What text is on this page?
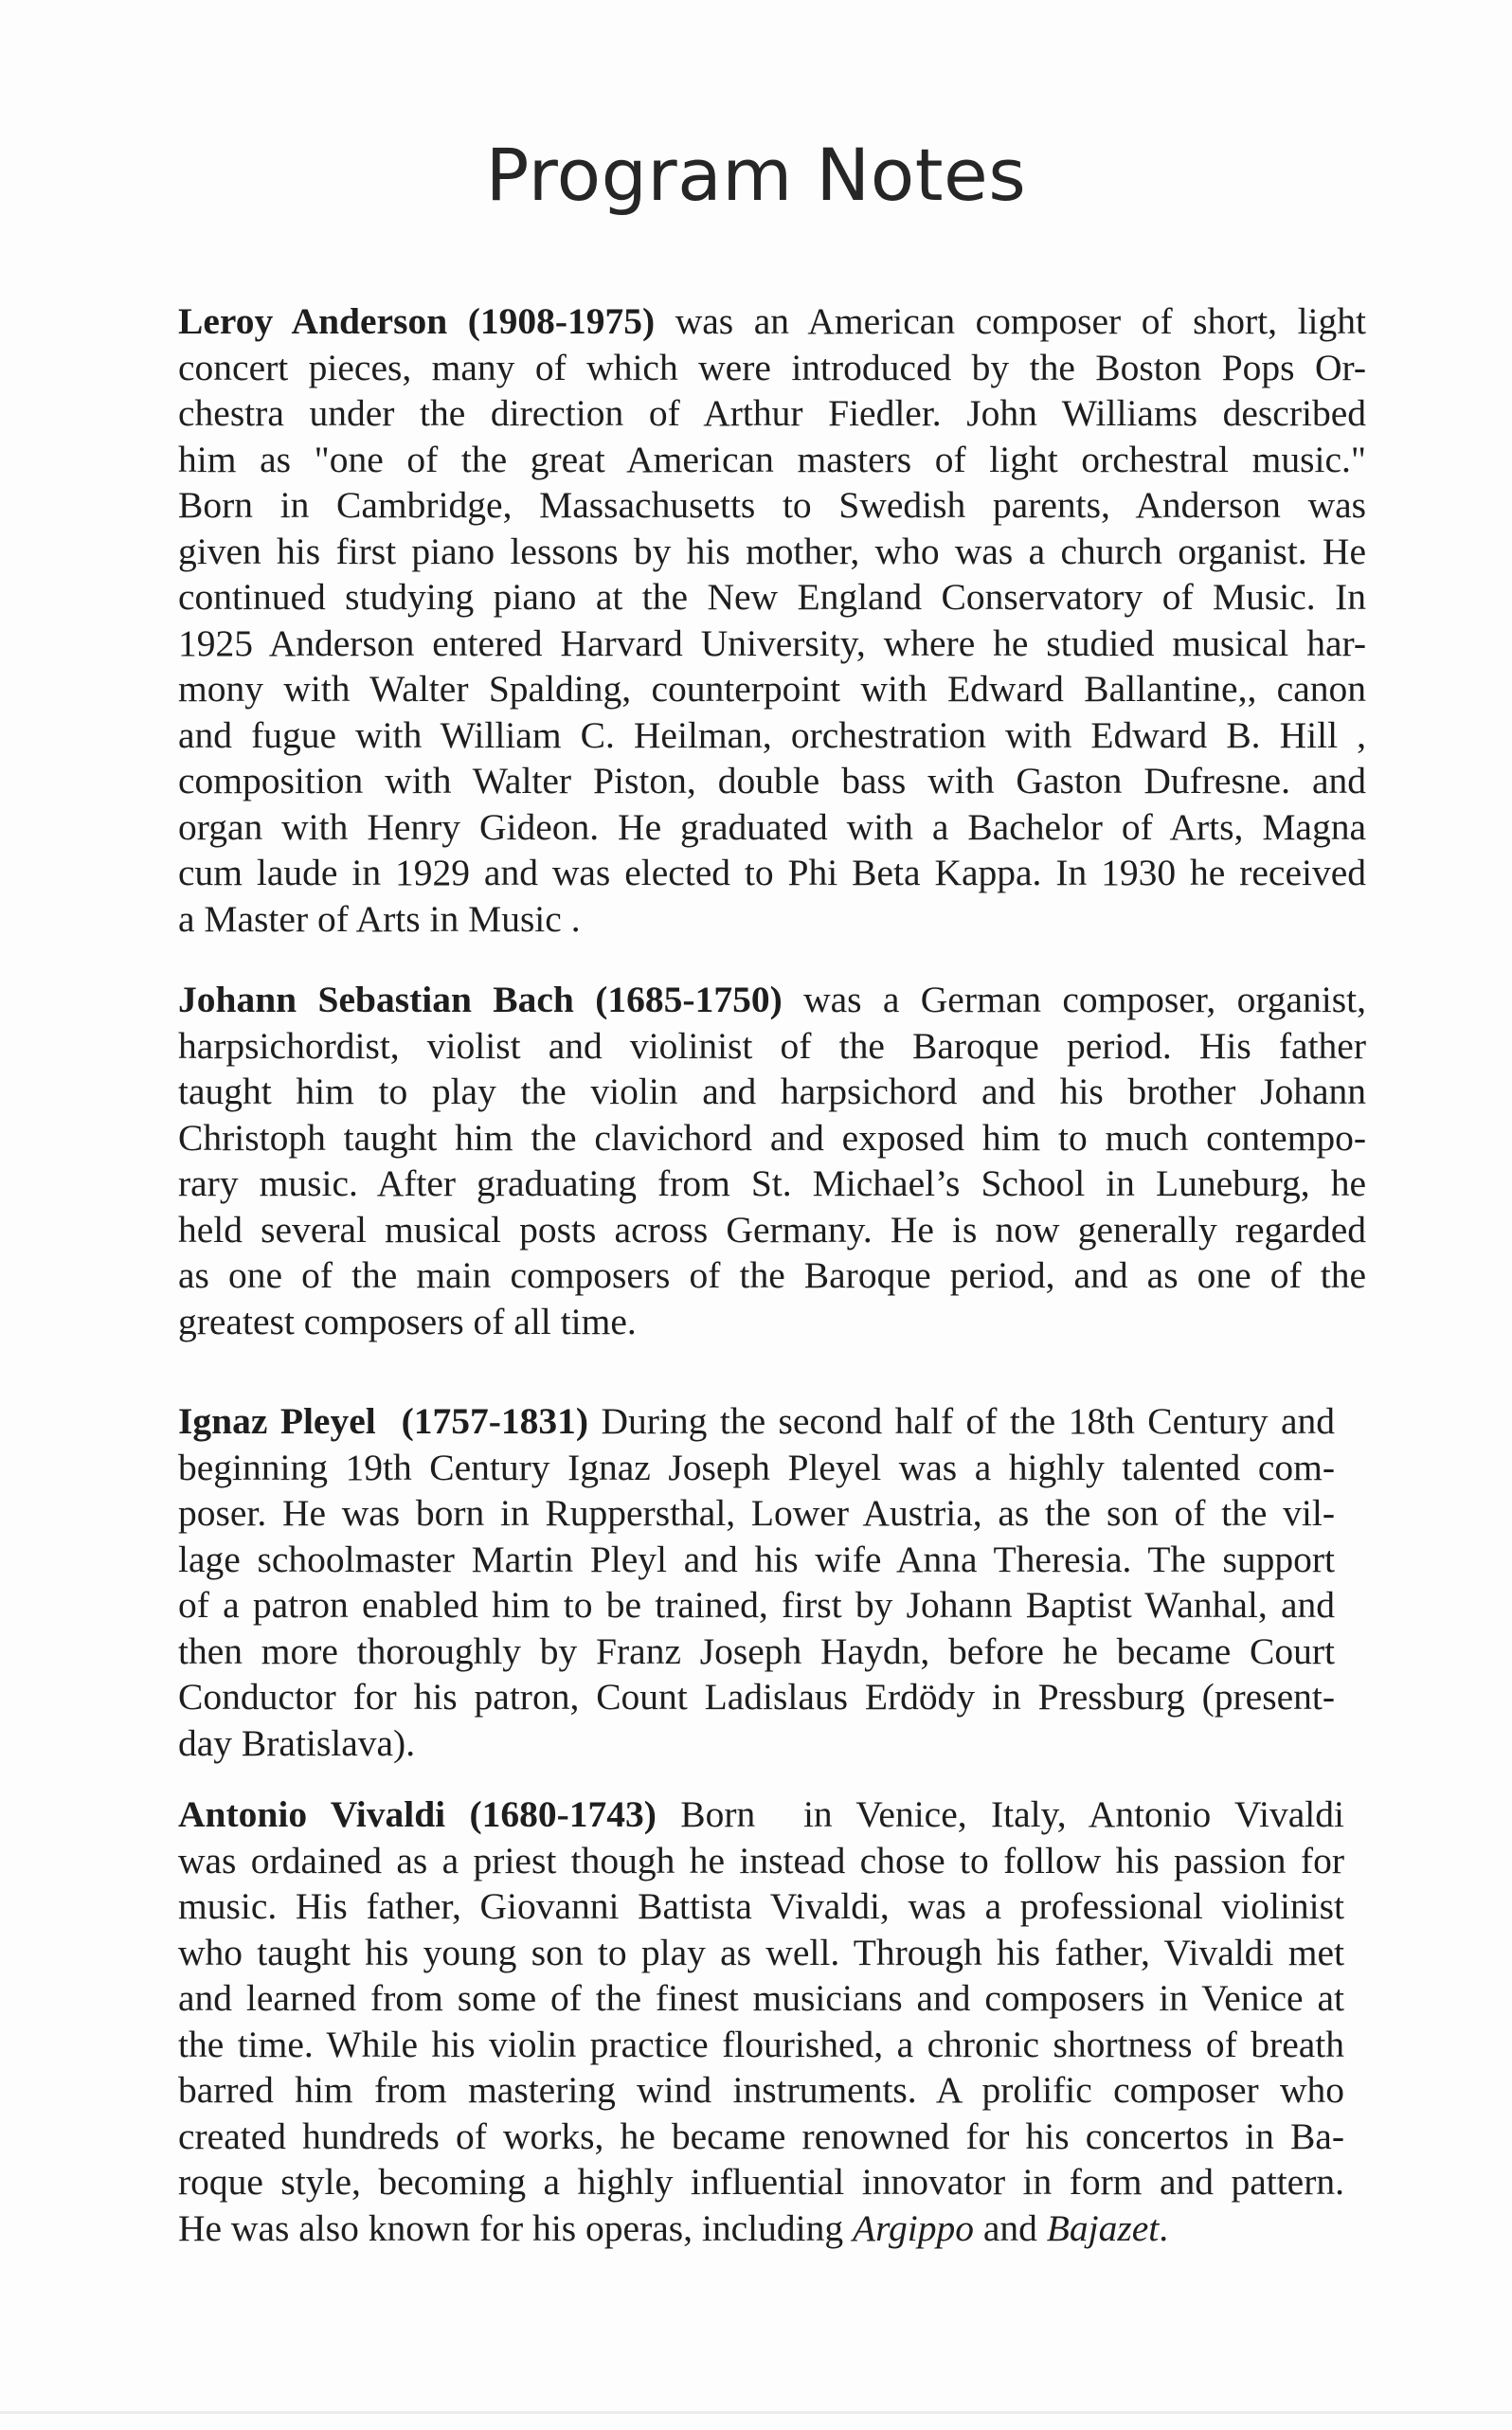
Program Notes
Leroy Anderson (1908-1975) was an American composer of short, light
concert pieces, many of which were introduced by the Boston Pops Or-
chestra under the direction of Arthur Fiedler. John Williams described
him as "one of the great American masters of light orchestral music."
Born in Cambridge, Massachusetts to Swedish parents, Anderson was
given his first piano lessons by his mother, who was a church organist. He
continued studying piano at the New England Conservatory of Music. In
1925 Anderson entered Harvard University, where he studied musical har-
mony with Walter Spalding, counterpoint with Edward Ballantine,, canon
and fugue with William C. Heilman, orchestration with Edward B. Hill ,
composition with Walter Piston, double bass with Gaston Dufresne. and
organ with Henry Gideon. He graduated with a Bachelor of Arts, Magna
cum laude in 1929 and was elected to Phi Beta Kappa. In 1930 he received
a Master of Arts in Music .
Johann Sebastian Bach (1685-1750) was a German composer, organist,
harpsichordist, violist and violinist of the Baroque period. His father
taught him to play the violin and harpsichord and his brother Johann
Christoph taught him the clavichord and exposed him to much contempo-
rary music. After graduating from St. Michael’s School in Luneburg, he
held several musical posts across Germany. He is now generally regarded
as one of the main composers of the Baroque period, and as one of the
greatest composers of all time.
Ignaz Pleyel  (1757-1831) During the second half of the 18th Century and
beginning 19th Century Ignaz Joseph Pleyel was a highly talented com-
poser. He was born in Ruppersthal, Lower Austria, as the son of the vil-
lage schoolmaster Martin Pleyl and his wife Anna Theresia. The support
of a patron enabled him to be trained, first by Johann Baptist Wanhal, and
then more thoroughly by Franz Joseph Haydn, before he became Court
Conductor for his patron, Count Ladislaus Erdödy in Pressburg (present-
day Bratislava).
Antonio Vivaldi (1680-1743) Born  in Venice, Italy, Antonio Vivaldi
was ordained as a priest though he instead chose to follow his passion for
music. His father, Giovanni Battista Vivaldi, was a professional violinist
who taught his young son to play as well. Through his father, Vivaldi met
and learned from some of the finest musicians and composers in Venice at
the time. While his violin practice flourished, a chronic shortness of breath
barred him from mastering wind instruments. A prolific composer who
created hundreds of works, he became renowned for his concertos in Ba-
roque style, becoming a highly influential innovator in form and pattern.
He was also known for his operas, including Argippo and Bajazet.
